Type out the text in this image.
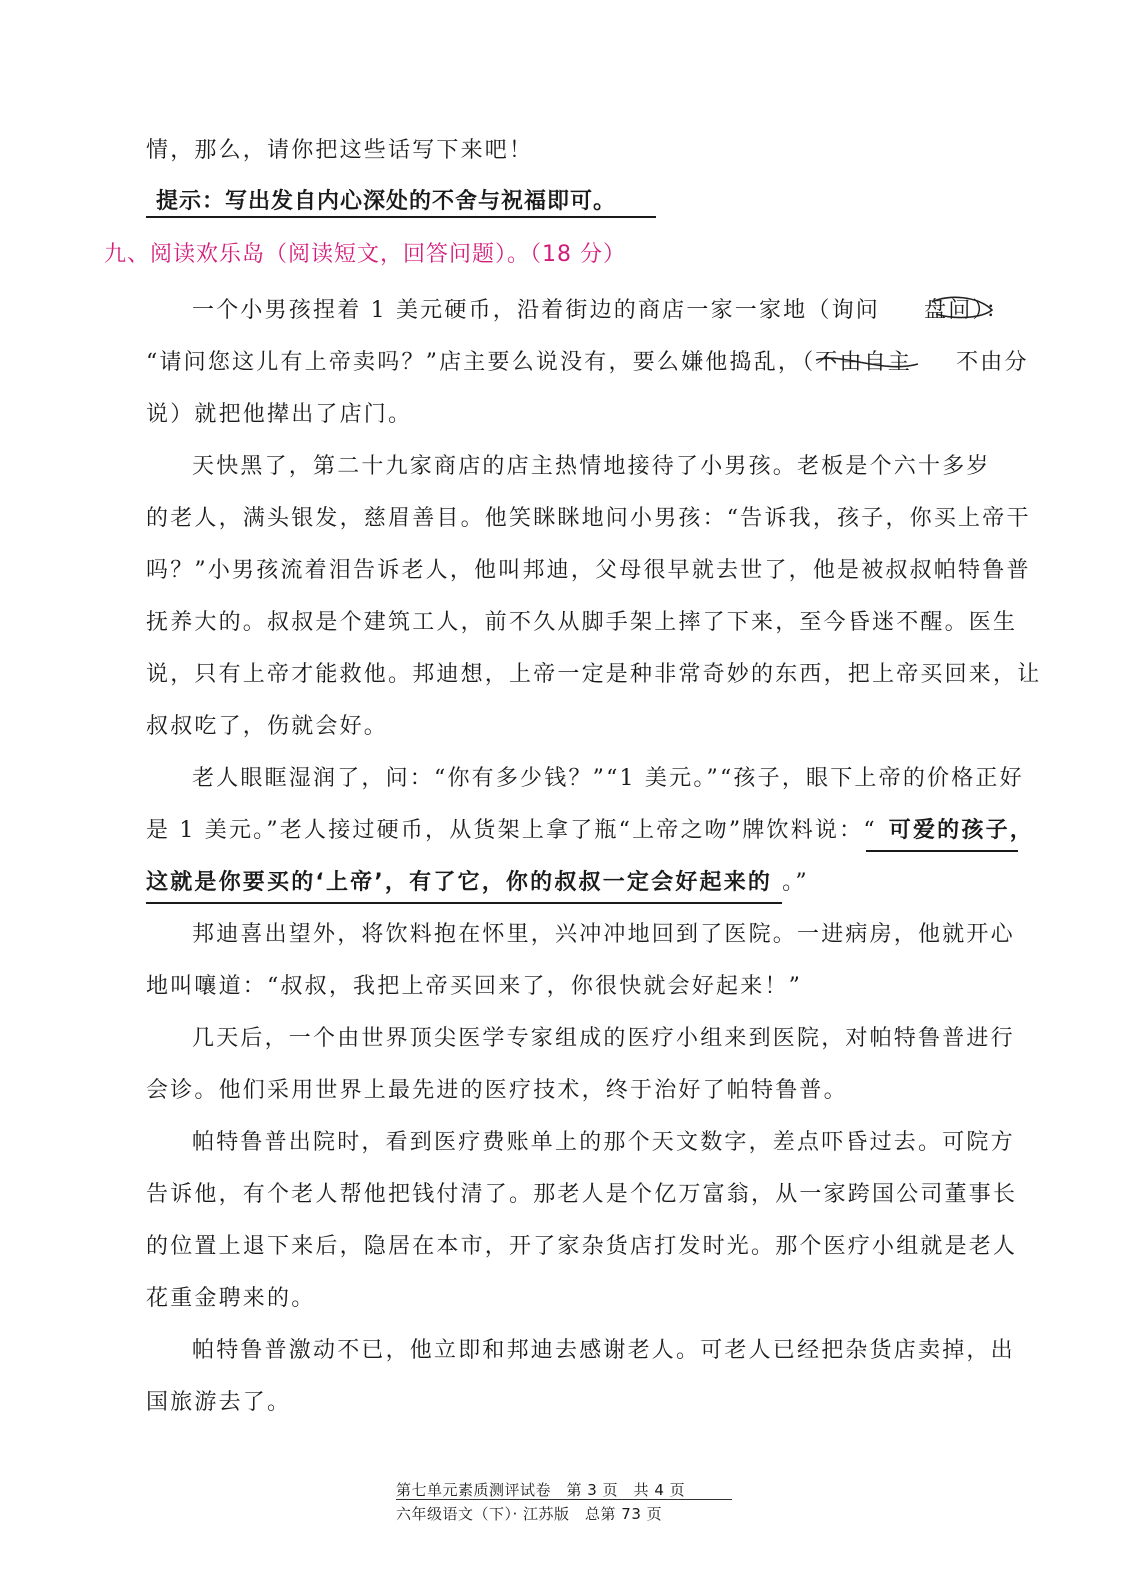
情，那么，请你把这些话写下来吧！
提示：写出发自内心深处的不舍与祝福即可。
九、阅读欢乐岛（阅读短文，回答问题）。（18 分）
一个小男孩捏着 1 美元硬币，沿着街边的商店一家一家地（询问 盘问）：
“请问您这儿有上帝卖吗？”店主要么说没有，要么嫌他捣乱，（不由自主 不由分
说）就把他撵出了店门。
天快黑了，第二十九家商店的店主热情地接待了小男孩。老板是个六十多岁
的老人，满头银发，慈眉善目。他笑眯眯地问小男孩：“告诉我，孩子，你买上帝干
吗？”小男孩流着泪告诉老人，他叫邦迪，父母很早就去世了，他是被叔叔帕特鲁普
抚养大的。叔叔是个建筑工人，前不久从脚手架上摔了下来，至今昏迷不醒。医生
说，只有上帝才能救他。邦迪想，上帝一定是种非常奇妙的东西，把上帝买回来，让
叔叔吃了，伤就会好。
老人眼眶湿润了，问：“你有多少钱？”“1 美元。”“孩子，眼下上帝的价格正好
是 1 美元。”老人接过硬币，从货架上拿了瓶“上帝之吻”牌饮料说：“ 可爱的孩子，
这就是你要买的‘上帝’，有了它，你的叔叔一定会好起来的 。”
邦迪喜出望外，将饮料抱在怀里，兴冲冲地回到了医院。一进病房，他就开心
地叫嚷道：“叔叔，我把上帝买回来了，你很快就会好起来！”
几天后，一个由世界顶尖医学专家组成的医疗小组来到医院，对帕特鲁普进行
会诊。他们采用世界上最先进的医疗技术，终于治好了帕特鲁普。
帕特鲁普出院时，看到医疗费账单上的那个天文数字，差点吓昏过去。可院方
告诉他，有个老人帮他把钱付清了。那老人是个亿万富翁，从一家跨国公司董事长
的位置上退下来后，隐居在本市，开了家杂货店打发时光。那个医疗小组就是老人
花重金聘来的。
帕特鲁普激动不已，他立即和邦迪去感谢老人。可老人已经把杂货店卖掉，出
国旅游去了。
第七单元素质测评试卷　第 3 页　共 4 页
六年级语文（下）· 江苏版　总第 73 页
